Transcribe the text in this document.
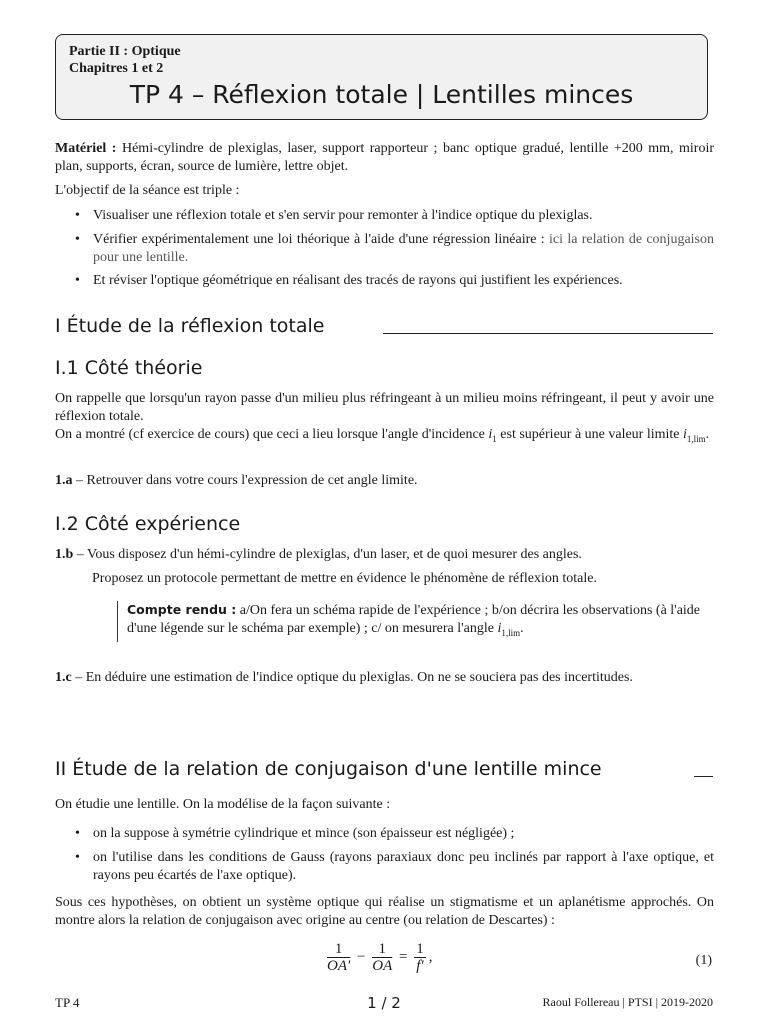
Partie II : Optique
Chapitres 1 et 2
TP 4 – Réflexion totale | Lentilles minces
Matériel : Hémi-cylindre de plexiglas, laser, support rapporteur ; banc optique gradué, lentille +200 mm, miroir plan, supports, écran, source de lumière, lettre objet.
L'objectif de la séance est triple :
• Visualiser une réflexion totale et s'en servir pour remonter à l'indice optique du plexiglas.
• Vérifier expérimentalement une loi théorique à l'aide d'une régression linéaire : ici la relation de conjugaison pour une lentille.
• Et réviser l'optique géométrique en réalisant des tracés de rayons qui justifient les expériences.
I Étude de la réflexion totale
I.1 Côté théorie
On rappelle que lorsqu'un rayon passe d'un milieu plus réfringeant à un milieu moins réfringeant, il peut y avoir une réflexion totale.
On a montré (cf exercice de cours) que ceci a lieu lorsque l'angle d'incidence $i_1$ est supérieur à une valeur limite $i_{1,lim}$.
1.a – Retrouver dans votre cours l'expression de cet angle limite.
I.2 Côté expérience
1.b – Vous disposez d'un hémi-cylindre de plexiglas, d'un laser, et de quoi mesurer des angles.
Proposez un protocole permettant de mettre en évidence le phénomène de réflexion totale.
Compte rendu : a/On fera un schéma rapide de l'expérience ; b/on décrira les observations (à l'aide d'une légende sur le schéma par exemple) ; c/ on mesurera l'angle $i_{1,lim}$.
1.c – En déduire une estimation de l'indice optique du plexiglas. On ne se souciera pas des incertitudes.
II Étude de la relation de conjugaison d'une lentille mince
On étudie une lentille. On la modélise de la façon suivante :
• on la suppose à symétrie cylindrique et mince (son épaisseur est négligée) ;
• on l'utilise dans les conditions de Gauss (rayons paraxiaux donc peu inclinés par rapport à l'axe optique, et rayons peu écartés de l'axe optique).
Sous ces hypothèses, on obtient un système optique qui réalise un stigmatisme et un aplanétisme approchés. On montre alors la relation de conjugaison avec origine au centre (ou relation de Descartes) :
$\frac{1}{OA'} - \frac{1}{OA} = \frac{1}{f'}$ ,	(1)
TP 4	1 / 2	Raoul Follereau | PTSI | 2019-2020
